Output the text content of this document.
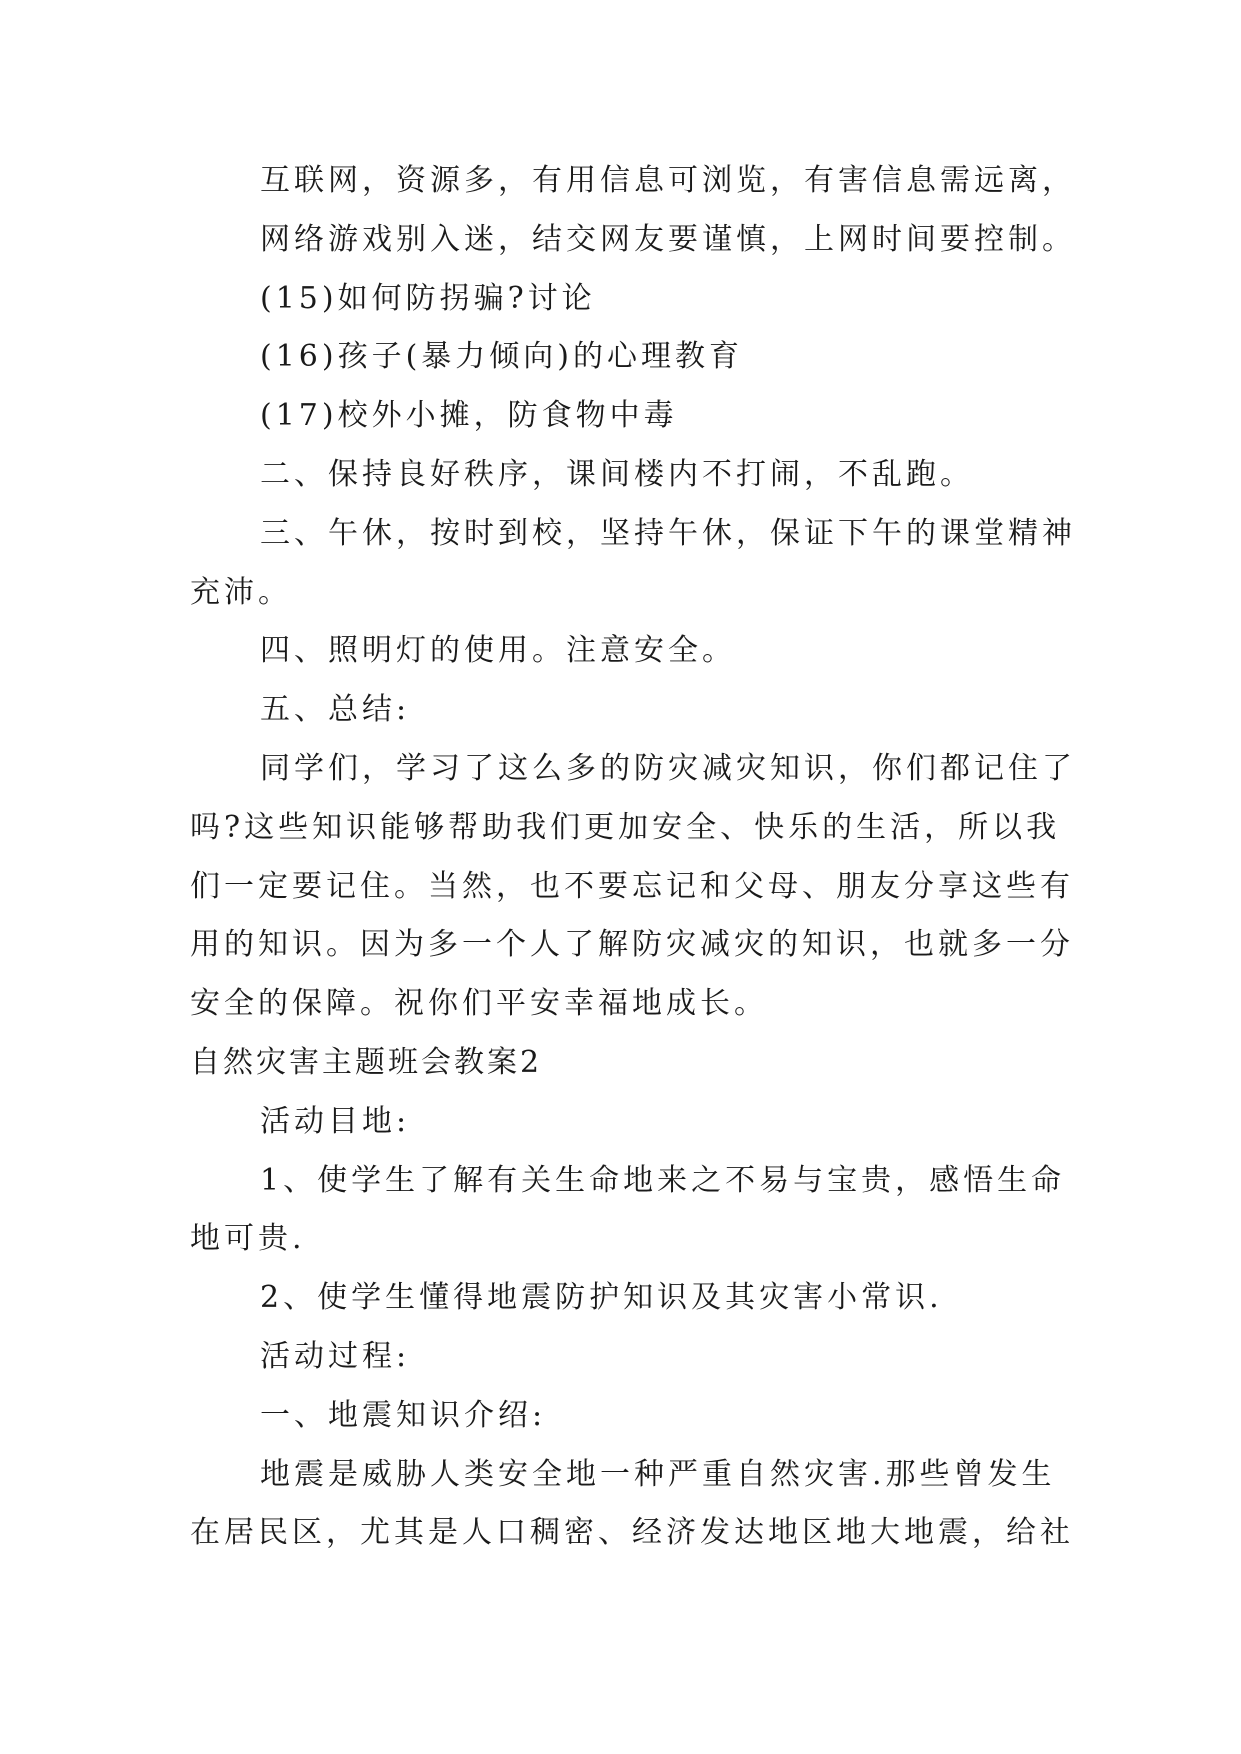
互联网，资源多，有用信息可浏览，有害信息需远离，
网络游戏别入迷，结交网友要谨慎，上网时间要控制。
(15)如何防拐骗?讨论
(16)孩子(暴力倾向)的心理教育
(17)校外小摊，防食物中毒
二、保持良好秩序，课间楼内不打闹，不乱跑。
三、午休，按时到校，坚持午休，保证下午的课堂精神
充沛。
四、照明灯的使用。注意安全。
五、总结:
同学们，学习了这么多的防灾减灾知识，你们都记住了
吗?这些知识能够帮助我们更加安全、快乐的生活，所以我
们一定要记住。当然，也不要忘记和父母、朋友分享这些有
用的知识。因为多一个人了解防灾减灾的知识，也就多一分
安全的保障。祝你们平安幸福地成长。
自然灾害主题班会教案2
活动目地:
1、使学生了解有关生命地来之不易与宝贵，感悟生命
地可贵.
2、使学生懂得地震防护知识及其灾害小常识.
活动过程:
一、地震知识介绍:
地震是威胁人类安全地一种严重自然灾害.那些曾发生
在居民区，尤其是人口稠密、经济发达地区地大地震，给社
